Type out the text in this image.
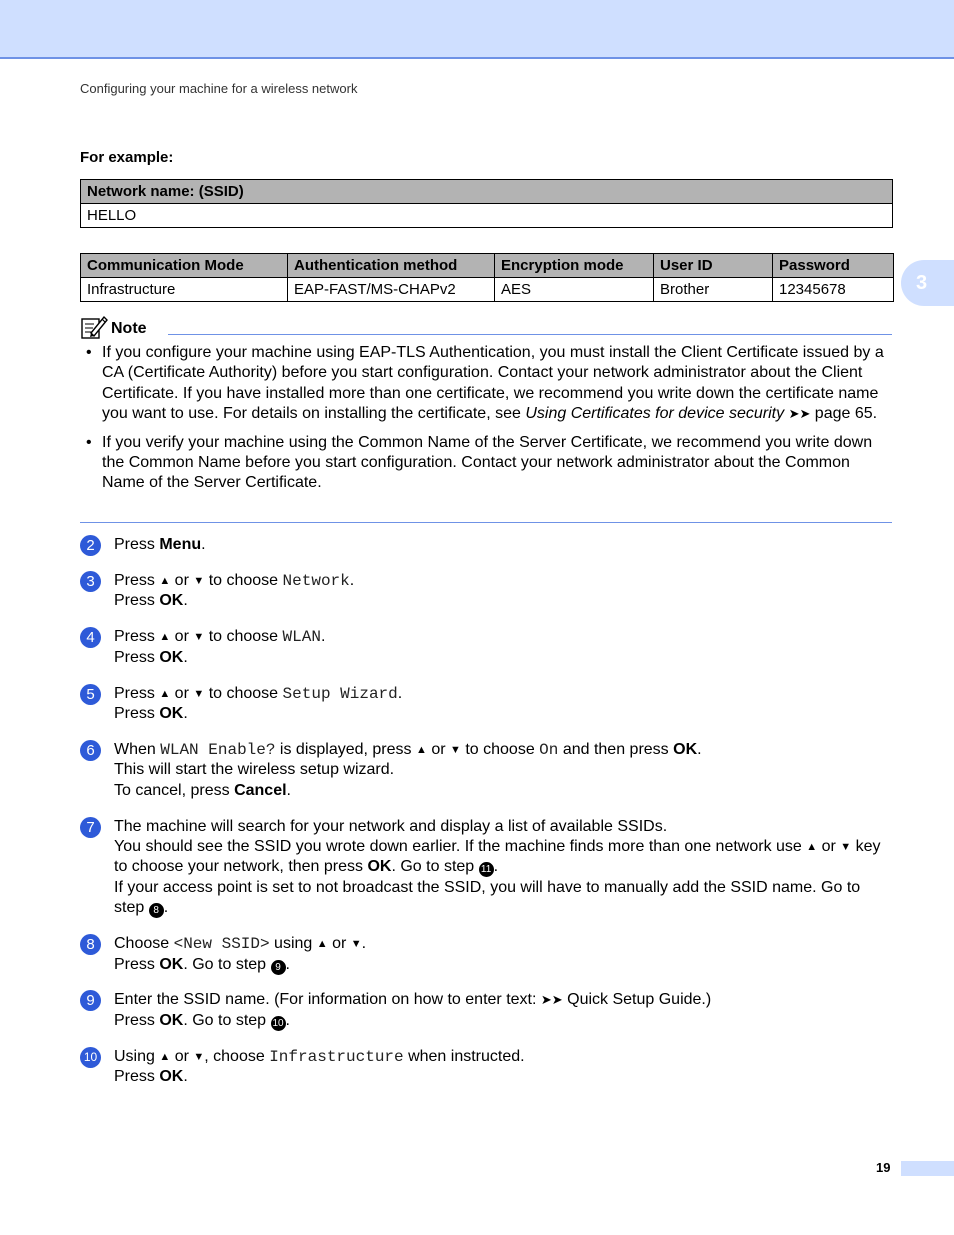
Configuring your machine for a wireless network
3
For example:
Network name: (SSID)
HELLO
Communication Mode	Authentication method	Encryption mode	User ID	Password
Infrastructure	EAP-FAST/MS-CHAPv2	AES	Brother	12345678
Note
• If you configure your machine using EAP-TLS Authentication, you must install the Client Certificate issued by a CA (Certificate Authority) before you start configuration. Contact your network administrator about the Client Certificate. If you have installed more than one certificate, we recommend you write down the certificate name you want to use. For details on installing the certificate, see Using Certificates for device security ➤➤ page 65.
• If you verify your machine using the Common Name of the Server Certificate, we recommend you write down the Common Name before you start configuration. Contact your network administrator about the Common Name of the Server Certificate.
2	Press Menu.
3	Press ▲ or ▼ to choose Network.
Press OK.
4	Press ▲ or ▼ to choose WLAN.
Press OK.
5	Press ▲ or ▼ to choose Setup Wizard.
Press OK.
6	When WLAN Enable? is displayed, press ▲ or ▼ to choose On and then press OK.
This will start the wireless setup wizard.
To cancel, press Cancel.
7	The machine will search for your network and display a list of available SSIDs.
You should see the SSID you wrote down earlier. If the machine finds more than one network use ▲ or ▼ key to choose your network, then press OK. Go to step 11 .
If your access point is set to not broadcast the SSID, you will have to manually add the SSID name. Go to step 8 .
8	Choose <New SSID> using ▲ or ▼.
Press OK. Go to step 9 .
9	Enter the SSID name. (For information on how to enter text: ➤➤ Quick Setup Guide.)
Press OK. Go to step 10 .
10 Using ▲ or ▼, choose Infrastructure when instructed.
Press OK.
19
